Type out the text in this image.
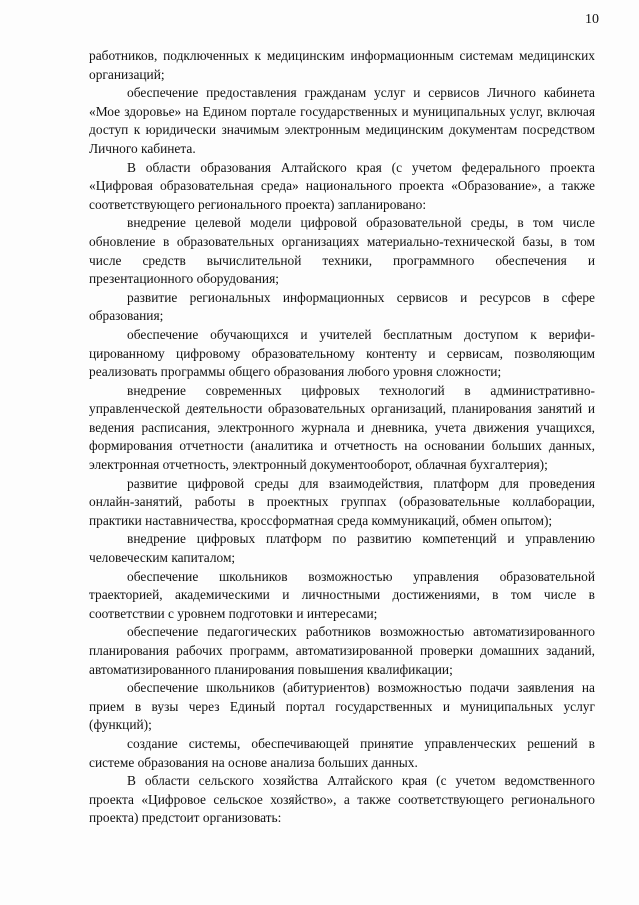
10

работников, подключенных к медицинским информационным системам медицинских организаций;

обеспечение предоставления гражданам услуг и сервисов Личного кабинета «Мое здоровье» на Едином портале государственных и муниципальных услуг, включая доступ к юридически значимым электронным медицинским документам посредством Личного кабинета.

В области образования Алтайского края (с учетом федерального проекта «Цифровая образовательная среда» национального проекта «Образование», а также соответствующего регионального проекта) запланировано:

внедрение целевой модели цифровой образовательной среды, в том числе обновление в образовательных организациях материально-технической базы, в том числе средств вычислительной техники, программного обеспечения и презентационного оборудования;

развитие региональных информационных сервисов и ресурсов в сфере образования;

обеспечение обучающихся и учителей бесплатным доступом к верифицированному цифровому образовательному контенту и сервисам, позволяющим реализовать программы общего образования любого уровня сложности;

внедрение современных цифровых технологий в административно-управленческой деятельности образовательных организаций, планирования занятий и ведения расписания, электронного журнала и дневника, учета движения учащихся, формирования отчетности (аналитика и отчетность на основании больших данных, электронная отчетность, электронный документооборот, облачная бухгалтерия);

развитие цифровой среды для взаимодействия, платформ для проведения онлайн-занятий, работы в проектных группах (образовательные коллаборации, практики наставничества, кроссформатная среда коммуникаций, обмен опытом);

внедрение цифровых платформ по развитию компетенций и управлению человеческим капиталом;

обеспечение школьников возможностью управления образовательной траекторией, академическими и личностными достижениями, в том числе в соответствии с уровнем подготовки и интересами;

обеспечение педагогических работников возможностью автоматизированного планирования рабочих программ, автоматизированной проверки домашних заданий, автоматизированного планирования повышения квалификации;

обеспечение школьников (абитуриентов) возможностью подачи заявления на прием в вузы через Единый портал государственных и муниципальных услуг (функций);

создание системы, обеспечивающей принятие управленческих решений в системе образования на основе анализа больших данных.

В области сельского хозяйства Алтайского края (с учетом ведомственного проекта «Цифровое сельское хозяйство», а также соответствующего регионального проекта) предстоит организовать:
